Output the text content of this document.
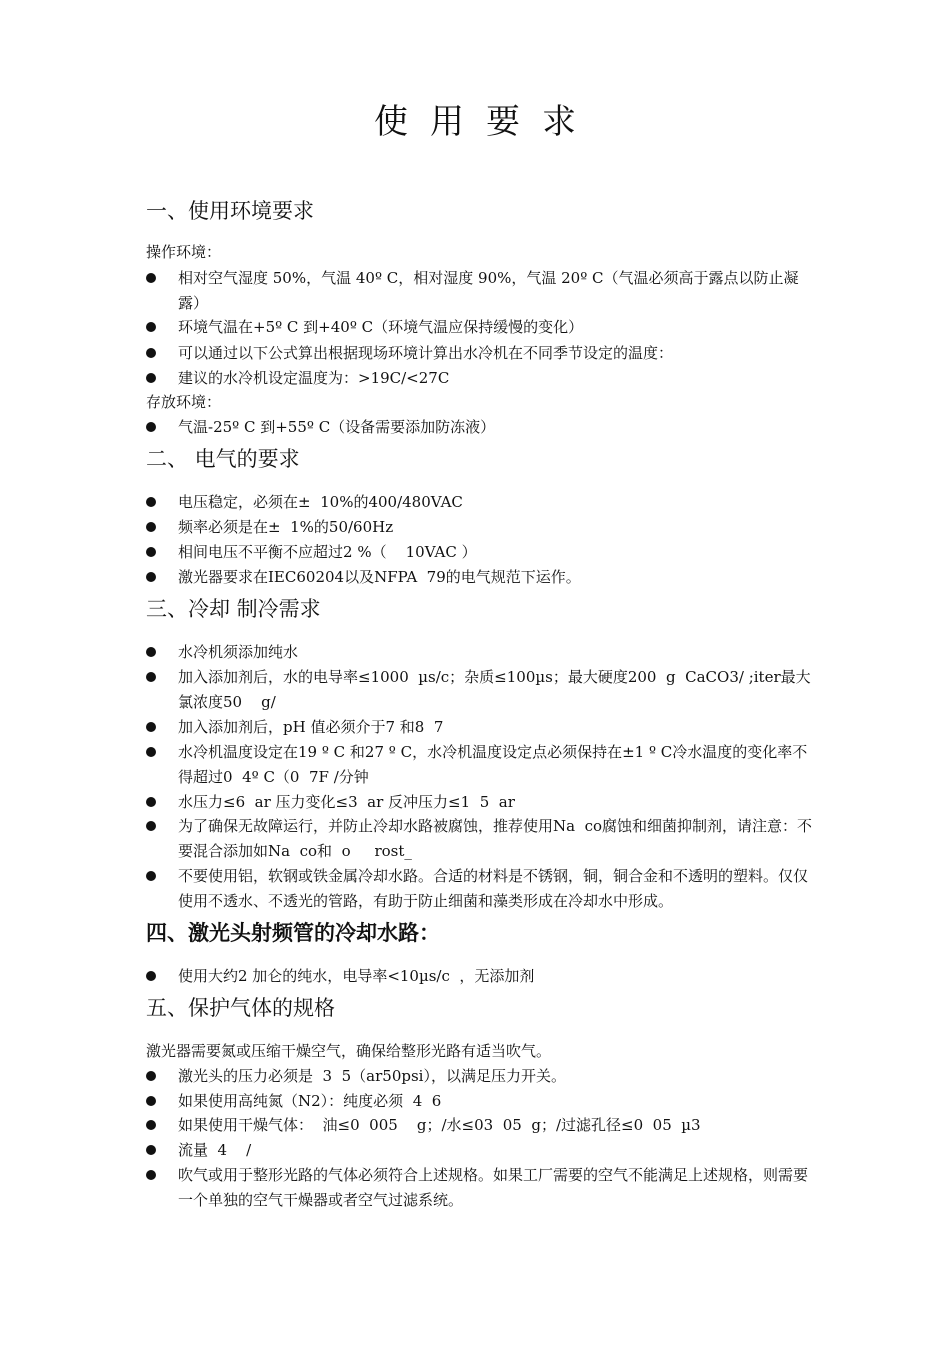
使用要求
一、使用环境要求
操作环境：
相对空气湿度 50%，气温 40º C，相对湿度 90%，气温 20º C（气温必须高于露点以防止凝露）
环境气温在+5º C 到+40º C（环境气温应保持缓慢的变化）
可以通过以下公式算出根据现场环境计算出水冷机在不同季节设定的温度：
建议的水冷机设定温度为：>19C/<27C
存放环境：
气温-25º C 到+55º C（设备需要添加防冻液）
二、 电气的要求
电压稳定，必须在±  10%的400/480VAC
频率必须是在±  1%的50/60Hz
相间电压不平衡不应超过2 %（    10VAC ）
激光器要求在IEC60204以及NFPA  79的电气规范下运作。
三、冷却 制冷需求
水冷机须添加纯水
加入添加剂后，水的电导率≤1000  µs/c；杂质≤100µs；最大硬度200  g  CaCO3/ ;iter最大氯浓度50    g/
加入添加剂后，pH 值必须介于7 和8  7
水冷机温度设定在19 º C 和27 º C，水冷机温度设定点必须保持在±1 º C冷水温度的变化率不得超过0  4º C（0  7F /分钟
水压力≤6  ar 压力变化≤3  ar 反冲压力≤1  5  ar
为了确保无故障运行，并防止冷却水路被腐蚀，推荐使用Na  co腐蚀和细菌抑制剂，请注意：不要混合添加如Na  co和  o     rost_
不要使用铝，软钢或铁金属冷却水路。合适的材料是不锈钢，铜，铜合金和不透明的塑料。仅仅使用不透水、不透光的管路，有助于防止细菌和藻类形成在冷却水中形成。
四、激光头射频管的冷却水路：
使用大约2 加仑的纯水，电导率<10µs/c  ，无添加剂
五、保护气体的规格
激光器需要氮或压缩干燥空气，确保给整形光路有适当吹气。
激光头的压力必须是  3  5（ar50psi），以满足压力开关。
如果使用高纯氮（N2）：纯度必须  4  6
如果使用干燥气体：  油≤0  005    g；/水≤03  05  g；/过滤孔径≤0  05  µ3
流量  4    /
吹气或用于整形光路的气体必须符合上述规格。如果工厂需要的空气不能满足上述规格，则需要一个单独的空气干燥器或者空气过滤系统。
